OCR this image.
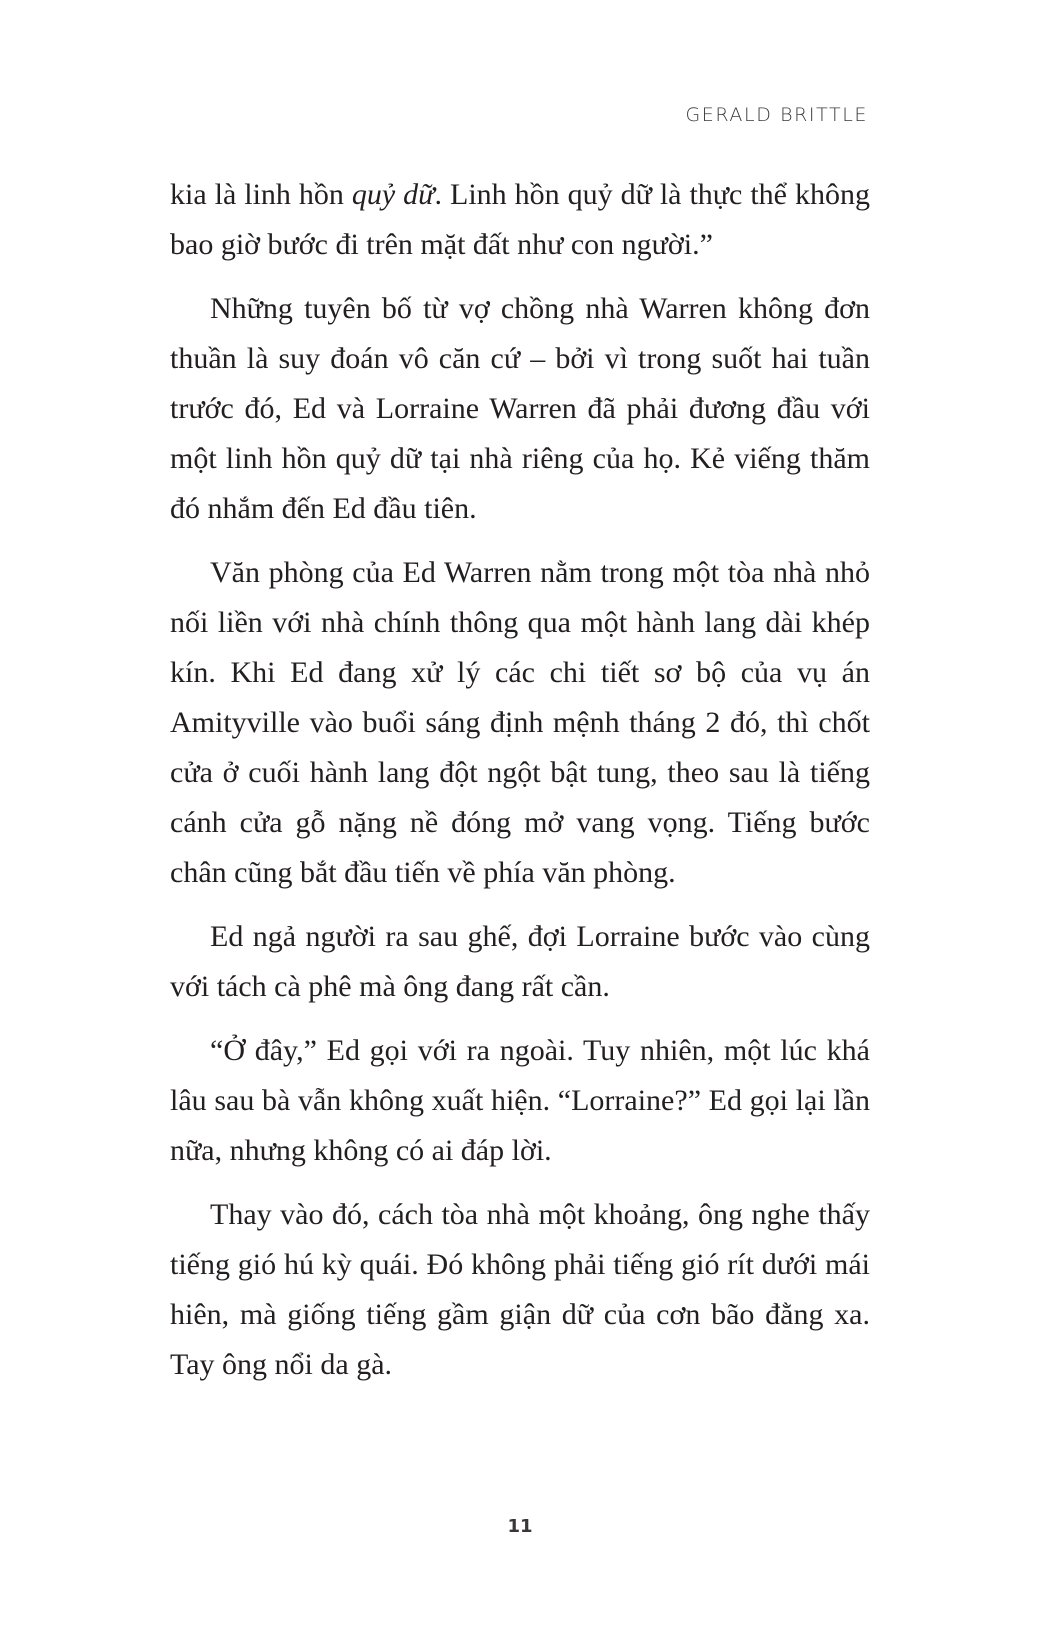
GERALD BRITTLE

kia là linh hồn quỷ dữ. Linh hồn quỷ dữ là thực thể không bao giờ bước đi trên mặt đất như con người.”

Những tuyên bố từ vợ chồng nhà Warren không đơn thuần là suy đoán vô căn cứ – bởi vì trong suốt hai tuần trước đó, Ed và Lorraine Warren đã phải đương đầu với một linh hồn quỷ dữ tại nhà riêng của họ. Kẻ viếng thăm đó nhắm đến Ed đầu tiên.

Văn phòng của Ed Warren nằm trong một tòa nhà nhỏ nối liền với nhà chính thông qua một hành lang dài khép kín. Khi Ed đang xử lý các chi tiết sơ bộ của vụ án Amityville vào buổi sáng định mệnh tháng 2 đó, thì chốt cửa ở cuối hành lang đột ngột bật tung, theo sau là tiếng cánh cửa gỗ nặng nề đóng mở vang vọng. Tiếng bước chân cũng bắt đầu tiến về phía văn phòng.

Ed ngả người ra sau ghế, đợi Lorraine bước vào cùng với tách cà phê mà ông đang rất cần.

“Ở đây,” Ed gọi với ra ngoài. Tuy nhiên, một lúc khá lâu sau bà vẫn không xuất hiện. “Lorraine?” Ed gọi lại lần nữa, nhưng không có ai đáp lời.

Thay vào đó, cách tòa nhà một khoảng, ông nghe thấy tiếng gió hú kỳ quái. Đó không phải tiếng gió rít dưới mái hiên, mà giống tiếng gầm giận dữ của cơn bão đằng xa. Tay ông nổi da gà.

11
